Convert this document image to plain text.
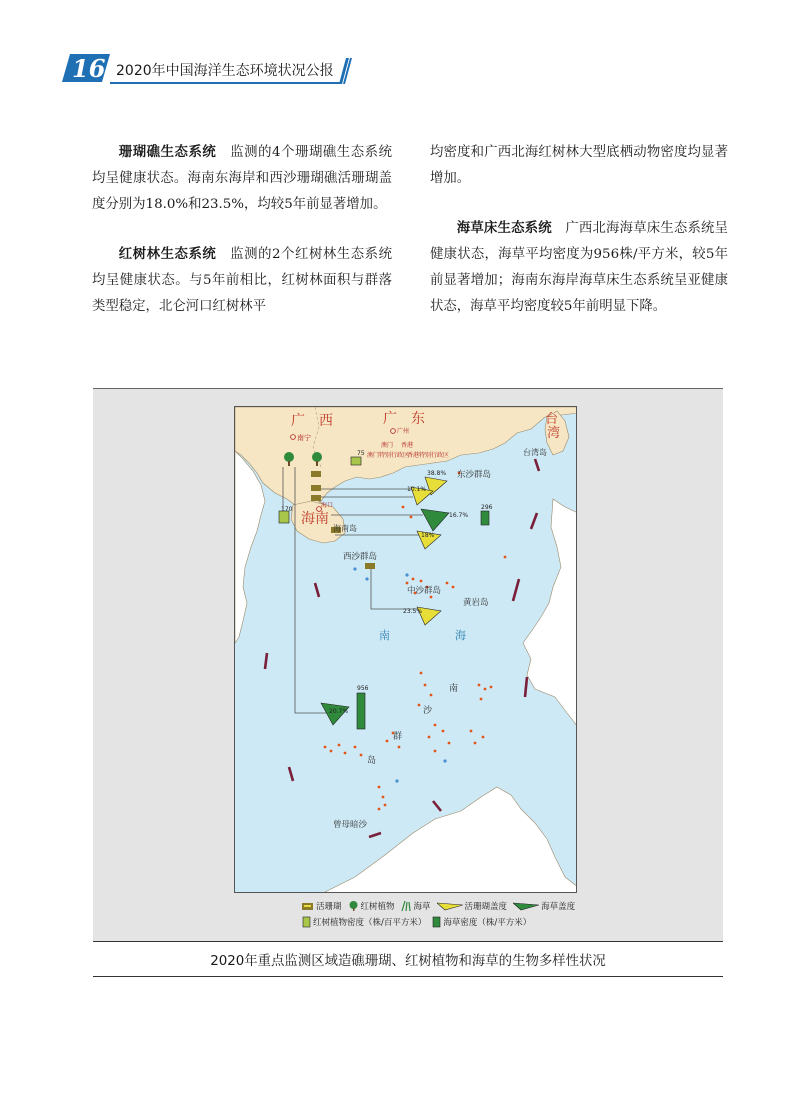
16 2020年中国海洋生态环境状况公报

珊瑚礁生态系统　监测的4个珊瑚礁生态系统均呈健康状态。海南东海岸和西沙珊瑚礁活珊瑚盖度分别为18.0%和23.5%，均较5年前显著增加。

红树林生态系统　监测的2个红树林生态系统均呈健康状态。与5年前相比，红树林面积与群落类型稳定，北仑河口红树林平

均密度和广西北海红树林大型底栖动物密度均显著增加。

海草床生态系统　广西北海海草床生态系统呈健康状态，海草平均密度为956株/平方米，较5年前显著增加；海南东海岸海草床生态系统呈亚健康状态，海草平均密度较5年前明显下降。

广　西	广　东	台
湾
台湾岛
南宁
广州
澳门 香港
澳门特别行政区
香港特别行政区
海口
海南
海南岛
东沙群岛
西沙群岛
中沙群岛
黄岩岛
南	海
南
沙
群
岛
曾母暗沙
75
170	296
956
38.8%
10.1%
16.7%
18%
23.5%
20.7%
活珊瑚 红树植物 海草	活珊瑚盖度	海草盖度
红树植物密度（株/百平方米） 海草密度（株/平方米）
2020年重点监测区域造礁珊瑚、红树植物和海草的生物多样性状况
